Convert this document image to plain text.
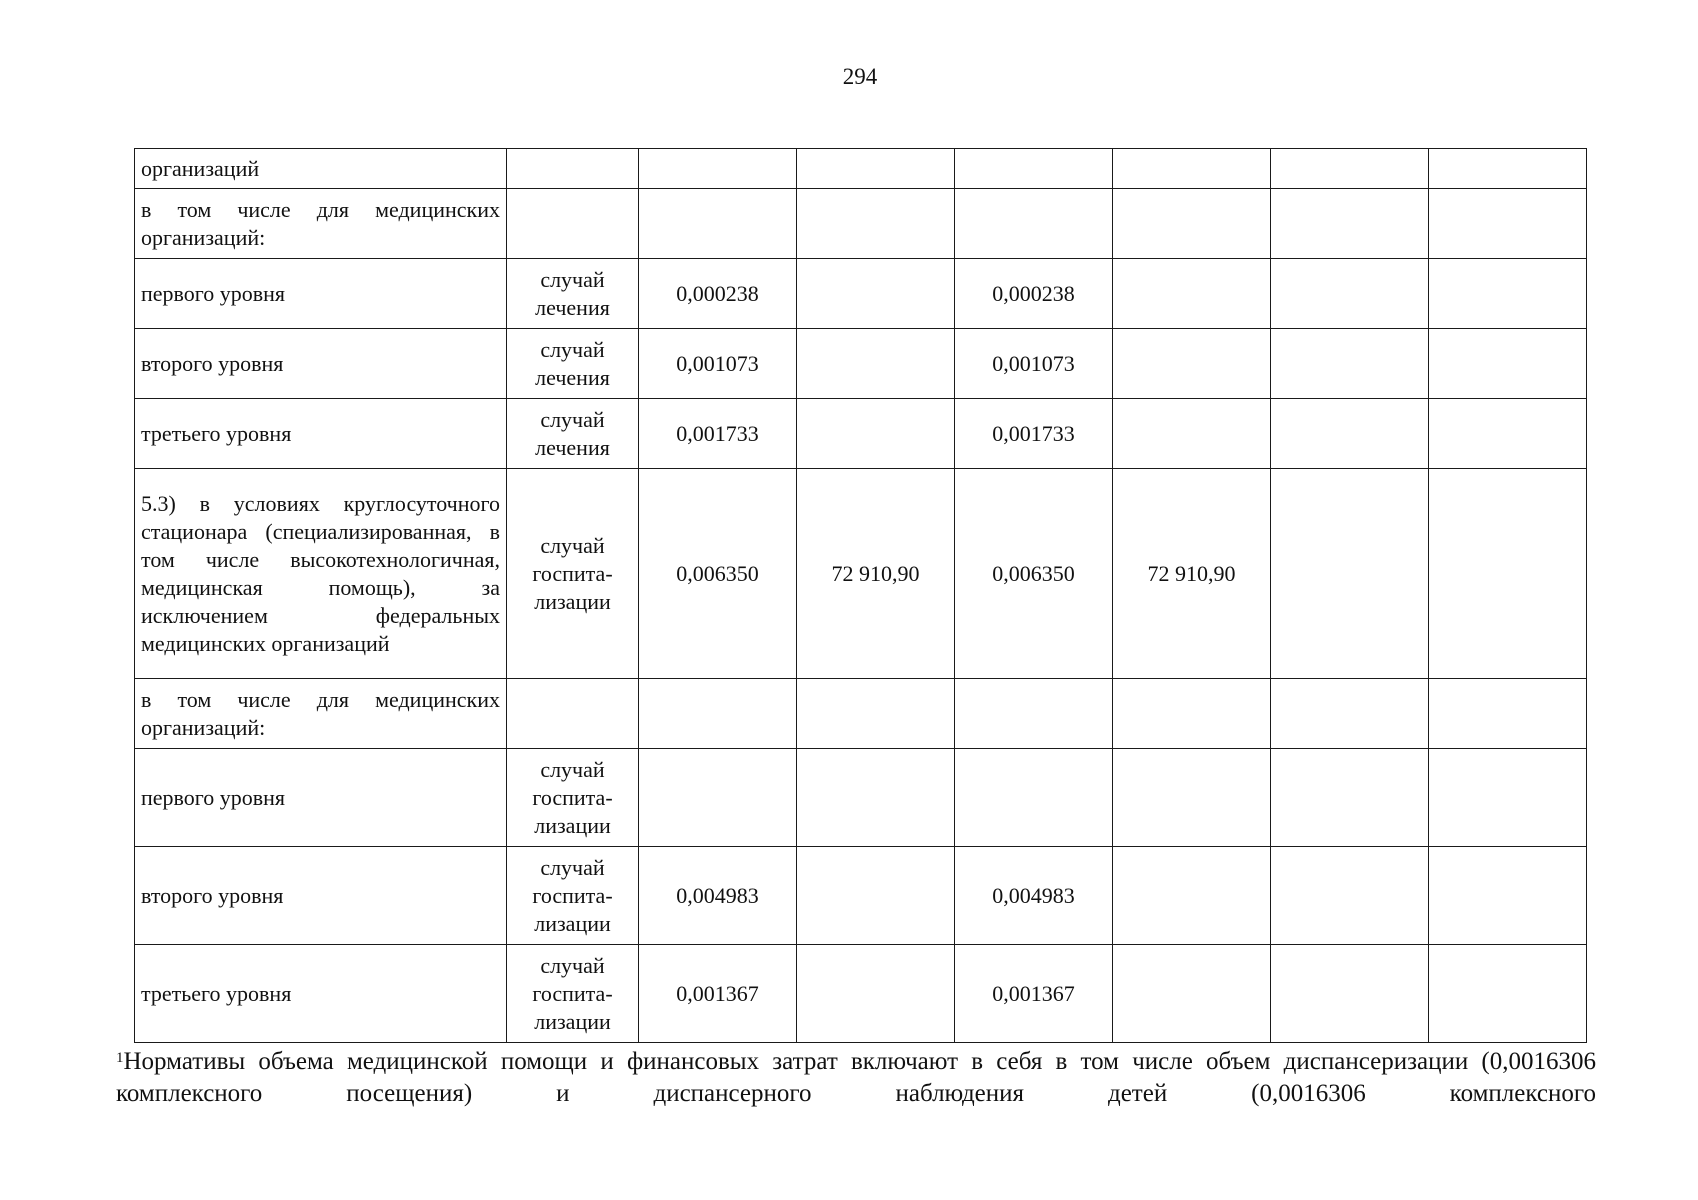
294
организаций							
в том числе для медицинских организаций:							
первого уровня	случай лечения	0,000238		0,000238			
второго уровня	случай лечения	0,001073		0,001073			
третьего уровня	случай лечения	0,001733		0,001733			
5.3) в условиях круглосуточного стационара (специализированная, в том числе высокотехнологичная, медицинская помощь), за исключением федеральных медицинских организаций	случай госпита-лизации	0,006350	72 910,90	0,006350	72 910,90		
в том числе для медицинских организаций:							
первого уровня	случай госпита-лизации						
второго уровня	случай госпита-лизации	0,004983		0,004983			
третьего уровня	случай госпита-лизации	0,001367		0,001367			
$^1$Нормативы объема медицинской помощи и финансовых затрат включают в себя в том числе объем диспансеризации (0,0016306 комплексного посещения) и диспансерного наблюдения детей (0,0016306 комплексного
